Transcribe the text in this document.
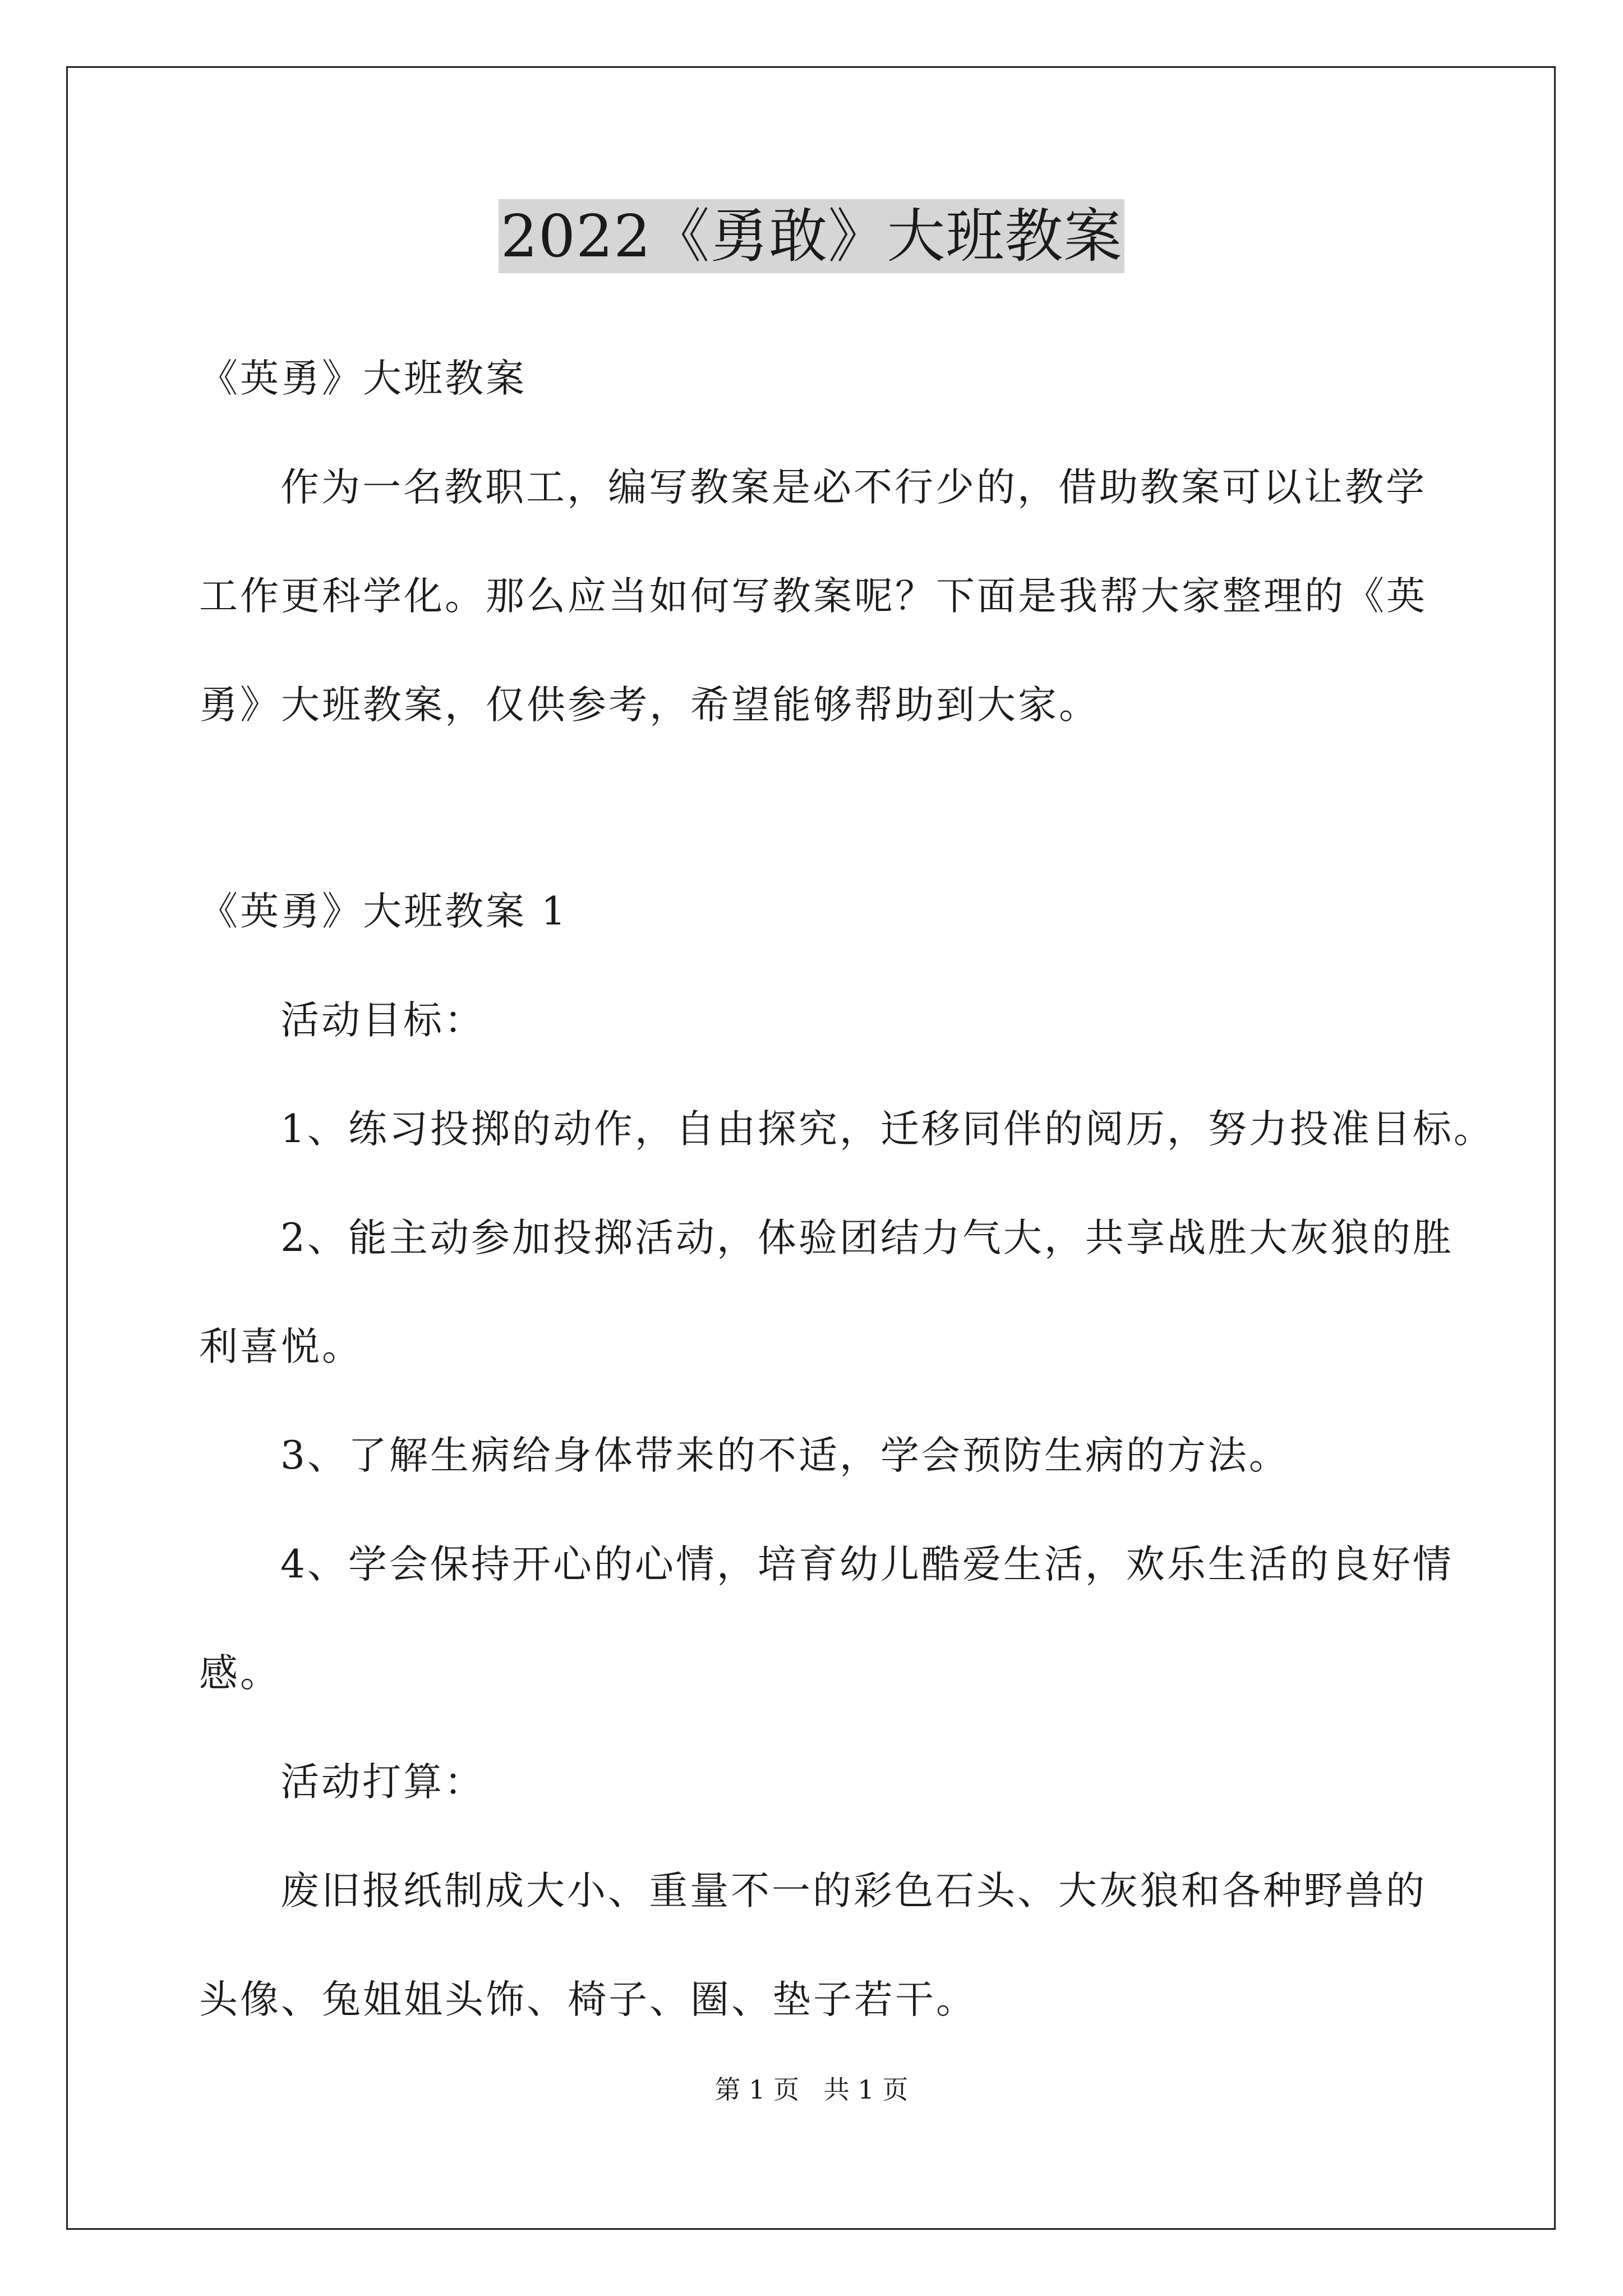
2022《勇敢》大班教案
《英勇》大班教案
作为一名教职工，编写教案是必不行少的，借助教案可以让教学
工作更科学化。那么应当如何写教案呢？下面是我帮大家整理的《英
勇》大班教案，仅供参考，希望能够帮助到大家。
《英勇》大班教案 1
活动目标：
1、练习投掷的动作，自由探究，迁移同伴的阅历，努力投准目标。
2、能主动参加投掷活动，体验团结力气大，共享战胜大灰狼的胜
利喜悦。
3、了解生病给身体带来的不适，学会预防生病的方法。
4、学会保持开心的心情，培育幼儿酷爱生活，欢乐生活的良好情
感。
活动打算：
废旧报纸制成大小、重量不一的彩色石头、大灰狼和各种野兽的
头像、兔姐姐头饰、椅子、圈、垫子若干。
第 1 页   共 1 页
